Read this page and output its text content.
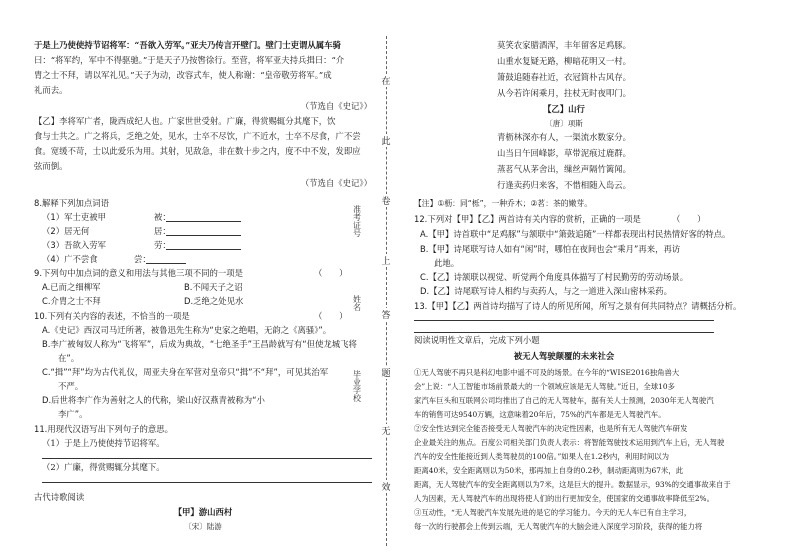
于是上乃使使持节诏将军：“吾欲入劳军。”亚夫乃传言开壁门。壁门士吏谓从属车骑
曰：“将军约，军中不得驱驰。”于是天子乃按辔徐行。至营，将军亚夫持兵揖曰：“介
胄之士不拜，请以军礼见。”天子为动，改容式车，使人称谢：“皇帝敬劳将军。”成
礼而去。
（节选自《史记》）
【乙】李将军广者，陇西成纪人也。广家世世受射。广廉，得赏赐辄分其麾下，饮
食与士共之。广之将兵，乏绝之处，见水，士卒不尽饮，广不近水，士卒不尽食，广不尝
食。宽缓不苛，士以此爱乐为用。其射，见敌急，非在数十步之内，度不中不发，发即应
弦而倒。
（节选自《史记》）
8.解释下列加点词语
（1）军士吏被甲	被：
（2）居无何	居：
（3）吾欲入劳军	劳：
（4）广不尝食	尝：
9.下列句中加点词的意义和用法与其他三项不同的一项是	（　　）
A.已而之细柳军	B.不闻天子之诏
C.介胄之士不拜	D.乏绝之处见水
10.下列有关内容的表述，不恰当的一项是	（　　）
A.《史记》西汉司马迁所著，被鲁迅先生称为“史家之绝唱，无韵之《离骚》”。
B.李广被匈奴人称为“飞将军”，后成为典故，“七绝圣手”王昌龄就写有“但使龙城飞将
在”。
C.“揖”“拜”均为古代礼仪，周亚夫身在军营对皇帝只“揖”不“拜”，可见其治军
不严。
D.后世将李广作为善射之人的代称，梁山好汉燕青被称为“小
李广”。
11.用现代汉语写出下列句子的意思。
（1）于是上乃使使持节诏将军。
（2）广廉，得赏赐辄分其麾下。
古代诗歌阅读
【甲】游山西村
〔宋〕陆游
在
此
卷
上
答
题
无
效
准考证号
姓名
毕业学校
莫笑农家腊酒浑，丰年留客足鸡豚。
山重水复疑无路，柳暗花明又一村。
箫鼓追随春社近，衣冠简朴古风存。
从今若许闲乘月，拄杖无时夜叩门。
【乙】山行
〔唐〕项斯
青枥林深亦有人，一渠流水数家分。
山当日午回峰影，草带泥痕过鹿群。
蒸茗气从茅舍出，缫丝声隔竹篱闻。
行逢卖药归来客，不惜相随入岛云。
【注】①枥：同“栎”，一种乔木；②茗：茶的嫩芽。
12.下列对【甲】【乙】两首诗有关内容的赏析，正确的一项是	（　　）
A.【甲】诗首联中“足鸡豚”与颔联中“箫鼓追随”一样都表现出村民热情好客的特点。
B.【甲】诗尾联写诗人如有“闲”时，哪怕在夜间也会“乘月”再来，再访
此地。
C.【乙】诗颔联以视觉、听觉两个角度具体描写了村民勤劳的劳动场景。
D.【乙】诗尾联写诗人相约与卖药人，与之一道进入深山密林采药。
13.【甲】【乙】两首诗均描写了诗人的所见所闻，所写之景有何共同特点？请概括分析。
阅读说明性文章后，完成下列小题
被无人驾驶颠覆的未来社会
①无人驾驶不再只是科幻电影中遥不可及的场景。在今年的“WISE2016独角兽大
会”上说：“人工智能市场前景最大的一个领域应该是无人驾驶。”近日，全球10多
家汽车巨头和互联网公司均推出了自己的无人驾驶车，据有关人士预测，2030年无人驾驶汽
车的销售可达9540万辆，这意味着20年后，75%的汽车都是无人驾驶汽车。
②安全性达到完全能否接受无人驾驶汽车的决定性因素，也是所有无人驾驶汽车研发
企业最关注的焦点。百度公司相关部门负责人表示：将智能驾驶技术运用到汽车上后，无人驾驶
汽车的安全性能接近到人类驾驶员的100倍。”如果人在1.2秒内，利用时间以为
距离40米，安全距离则以为50米，那再加上自身的0.2秒，制动距离则为67米，此
距离，无人驾驶汽车的安全距离则以为7米，这是巨大的提升。数据显示，93%的交通事故来自于
人为因素，无人驾驶汽车的出现将使人们的出行更加安全，使国家的交通事故率降低至2%。
③互动性，“无人驾驶汽车发展先进的是它的学习能力。今天的无人车已有自主学习，
每一次的行驶都会上传到云端，无人驾驶汽车的大脑会进入深度学习阶段，获得的能力将
